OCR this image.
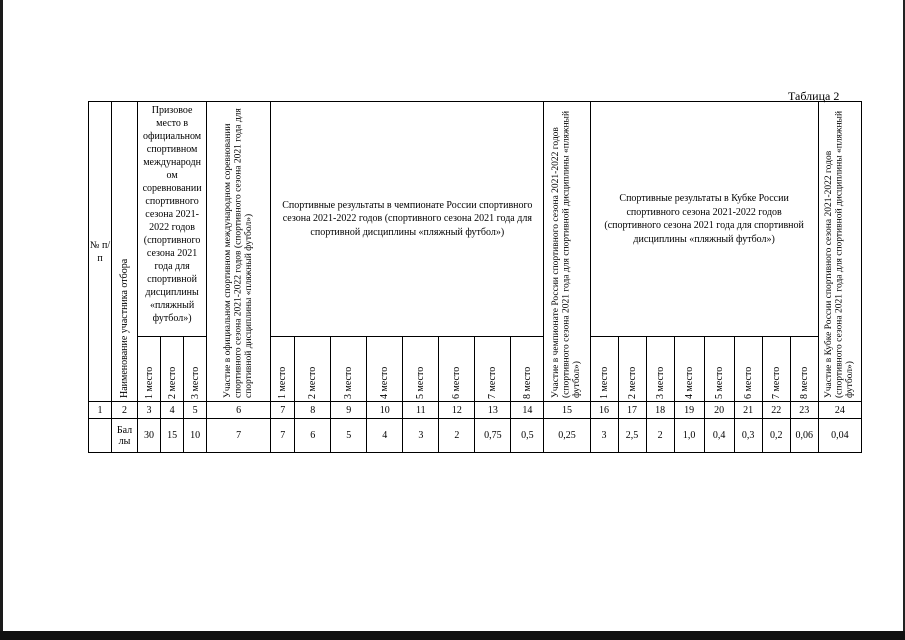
Таблица 2
№ п/ п	Наименование участника отбора	Призовое место в официальном спортивном международн ом соревновании спортивного сезона 2021-2022 годов (спортивного сезона 2021 года для спортивной дисциплины «пляжный футбол»)			Участие в официальном спортивном международном соревновании спортивного сезона 2021-2022 годов (спортивного сезона 2021 года для спортивной дисциплины «пляжный футбол»)	Спортивные результаты в чемпионате России спортивного сезона 2021-2022 годов (спортивного сезона 2021 года для спортивной дисциплины «пляжный футбол»)								Участие в чемпионате России спортивного сезона 2021-2022 годов (спортивного сезона 2021 года для спортивной дисциплины «пляжный футбол»)	Спортивные результаты в Кубке России спортивного сезона 2021-2022 годов (спортивного сезона 2021 года для спортивной дисциплины «пляжный футбол»)								Участие в Кубке России спортивного сезона 2021-2022 годов (спортивного сезона 2021 года для спортивной дисциплины «пляжный футбол»)

		1 место	2 место	3 место		1 место	2 место	3 место	4 место	5 место	6 место	7 место	8 место		1 место	2 место	3 место	4 место	5 место	6 место	7 место	8 место	

1	2	3	4	5	6	7	8	9	10	11	12	13	14	15	16	17	18	19	20	21	22	23	24
	Бал лы	30	15	10	7	7	6	5	4	3	2	0,75	0,5	0,25	3	2,5	2	1,0	0,4	0,3	0,2	0,06	0,04
